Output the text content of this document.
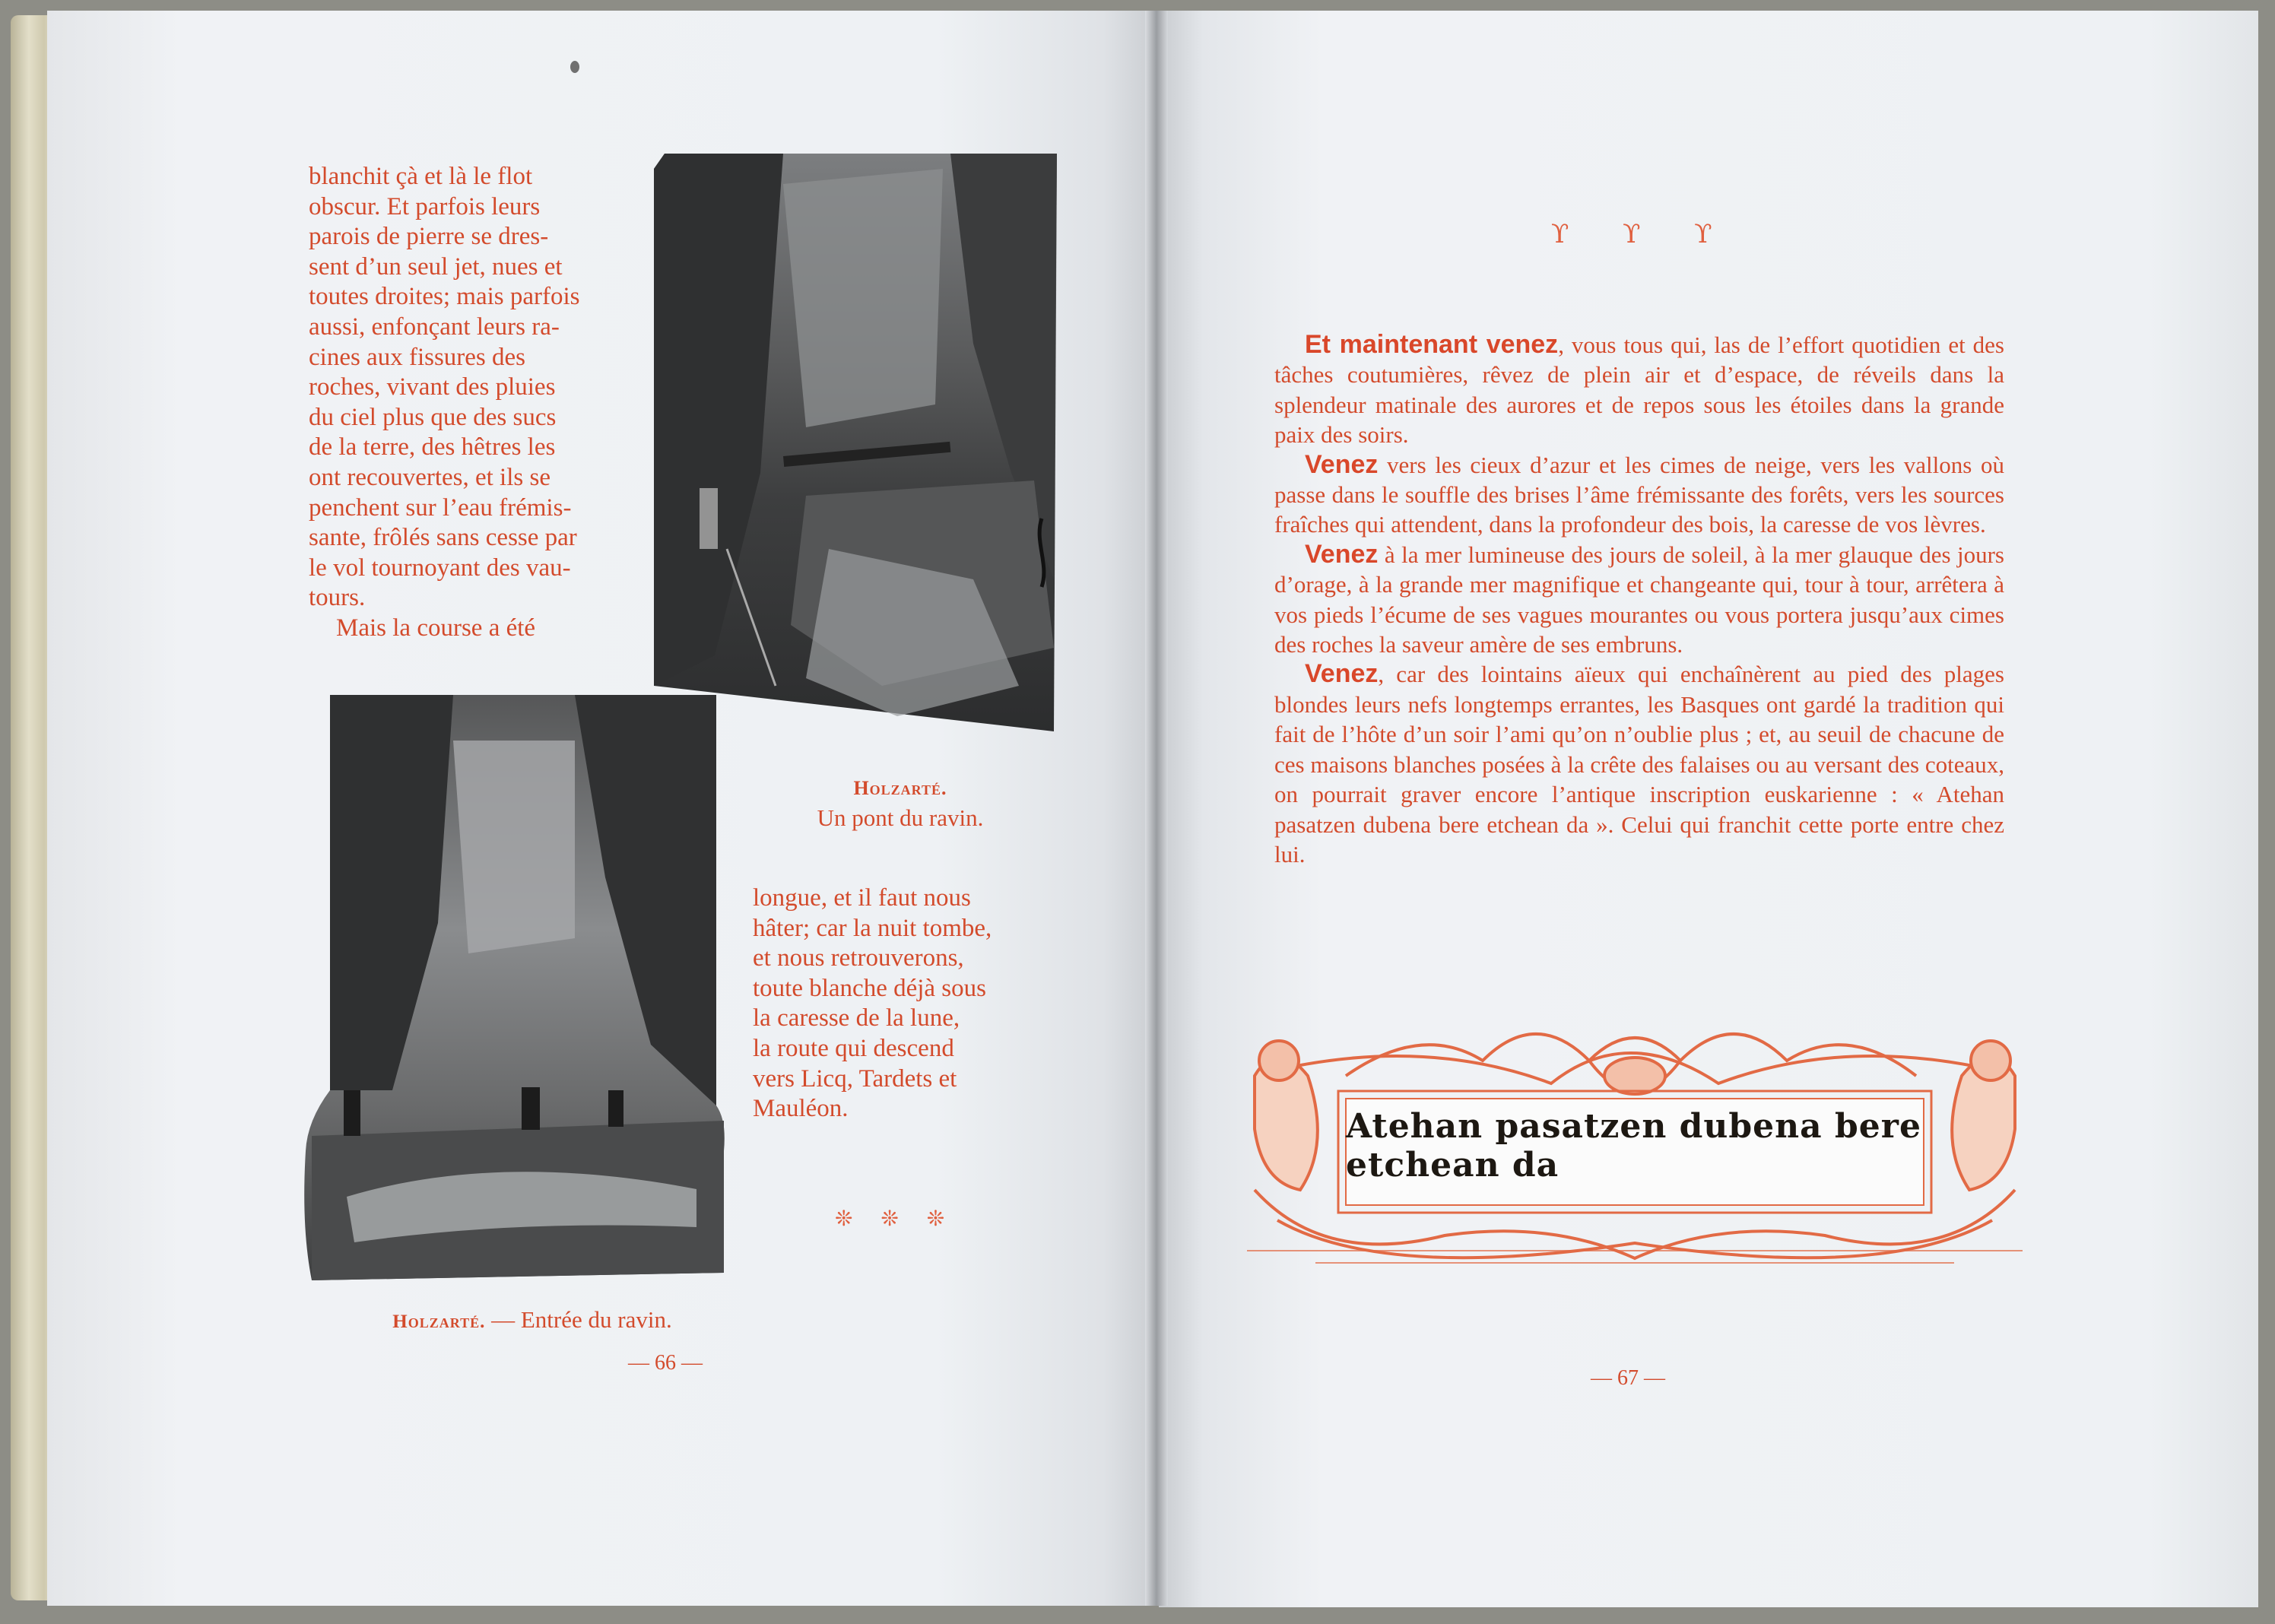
blanchit çà et là le flot

obscur. Et parfois leurs

parois de pierre se dres-

sent d’un seul jet, nues et

toutes droites; mais parfois

aussi, enfonçant leurs ra-

cines aux fissures des

roches, vivant des pluies

du ciel plus que des sucs

de la terre, des hêtres les

ont recouvertes, et ils se

penchent sur l’eau frémis-

sante, frôlés sans cesse par

le vol tournoyant des vau-

tours.

Mais la course a été

Holzarté.
Un pont du ravin.

longue, et il faut nous

hâter; car la nuit tombe,

et nous retrouverons,

toute blanche déjà sous

la caresse de la lune,

la route qui descend

vers Licq, Tardets et

Mauléon.

❊ ❊ ❊
Holzarté. — Entrée du ravin.
— 66 —
ϒ ϒ ϒ

Et maintenant venez, vous tous qui, las de l’effort quotidien et des tâches coutumières, rêvez de plein air et d’espace, de réveils dans la splendeur matinale des aurores et de repos sous les étoiles dans la grande paix des soirs.

Venez vers les cieux d’azur et les cimes de neige, vers les vallons où passe dans le souffle des brises l’âme frémissante des forêts, vers les sources fraîches qui attendent, dans la profondeur des bois, la caresse de vos lèvres.

Venez à la mer lumineuse des jours de soleil, à la mer glauque des jours d’orage, à la grande mer magnifique et changeante qui, tour à tour, arrêtera à vos pieds l’écume de ses vagues mourantes ou vous portera jusqu’aux cimes des roches la saveur amère de ses embruns.

Venez, car des lointains aïeux qui enchaînèrent au pied des plages blondes leurs nefs longtemps errantes, les Basques ont gardé la tradition qui fait de l’hôte d’un soir l’ami qu’on n’oublie plus ; et, au seuil de chacune de ces maisons blanches posées à la crête des falaises ou au versant des coteaux, on pourrait graver encore l’antique inscription euskarienne : « Atehan pasatzen dubena bere etchean da ». Celui qui franchit cette porte entre chez lui.

Atehan pasatzen dubena bere etchean da
— 67 —
